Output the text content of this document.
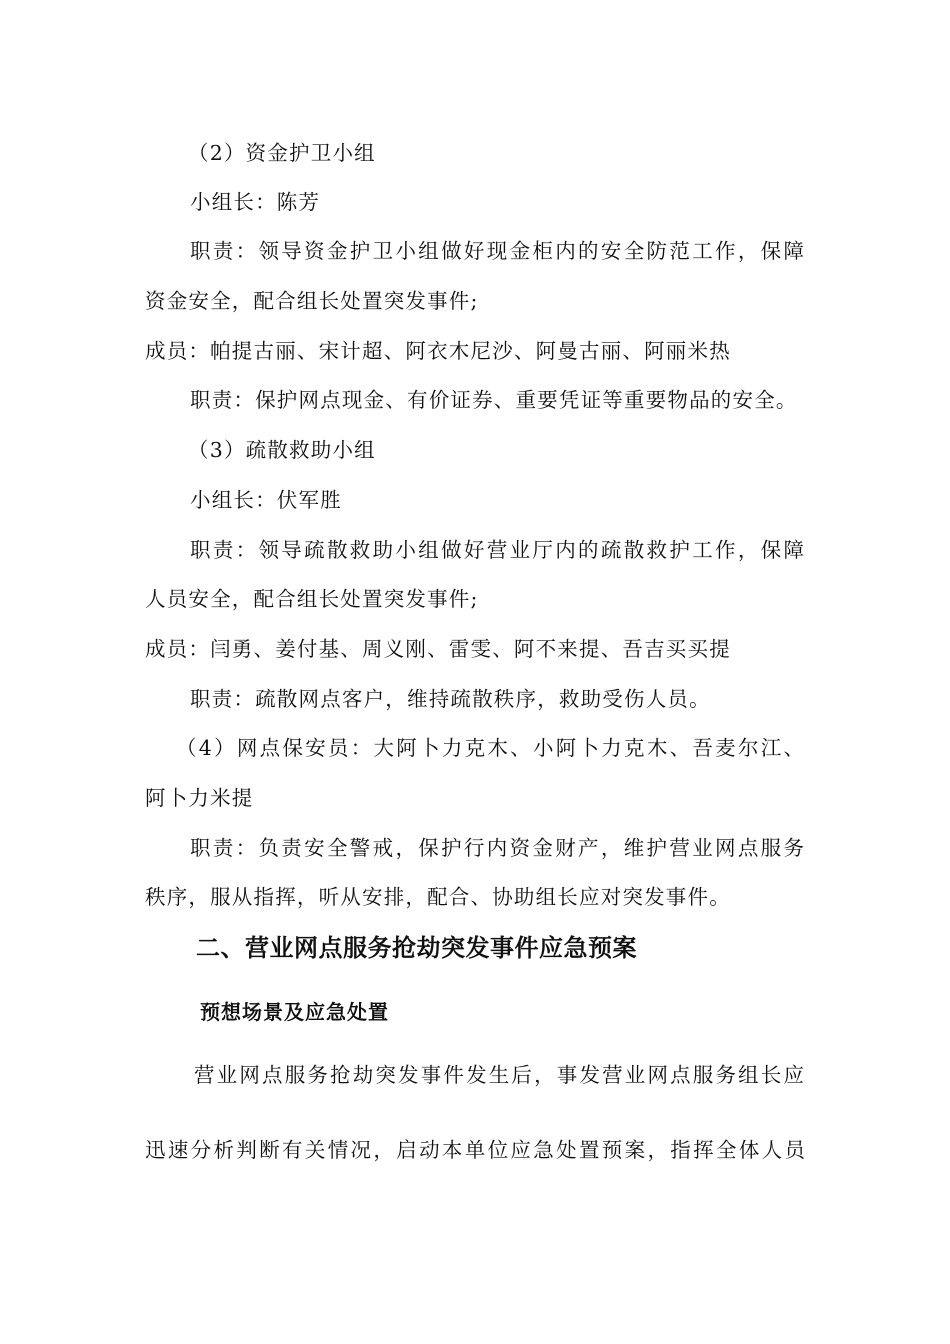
（2）资金护卫小组

小组长：陈芳

职责：领导资金护卫小组做好现金柜内的安全防范工作，保障

资金安全，配合组长处置突发事件;

成员：帕提古丽、宋计超、阿衣木尼沙、阿曼古丽、阿丽米热

职责：保护网点现金、有价证券、重要凭证等重要物品的安全。

（3）疏散救助小组

小组长：伏军胜

职责：领导疏散救助小组做好营业厅内的疏散救护工作，保障

人员安全，配合组长处置突发事件;

成员：闫勇、姜付基、周义刚、雷雯、阿不来提、吾吉买买提

职责：疏散网点客户，维持疏散秩序，救助受伤人员。

（4）网点保安员：大阿卜力克木、小阿卜力克木、吾麦尔江、

阿卜力米提

职责：负责安全警戒，保护行内资金财产，维护营业网点服务

秩序，服从指挥，听从安排，配合、协助组长应对突发事件。

二、营业网点服务抢劫突发事件应急预案
预想场景及应急处置

营业网点服务抢劫突发事件发生后，事发营业网点服务组长应

迅速分析判断有关情况，启动本单位应急处置预案，指挥全体人员
